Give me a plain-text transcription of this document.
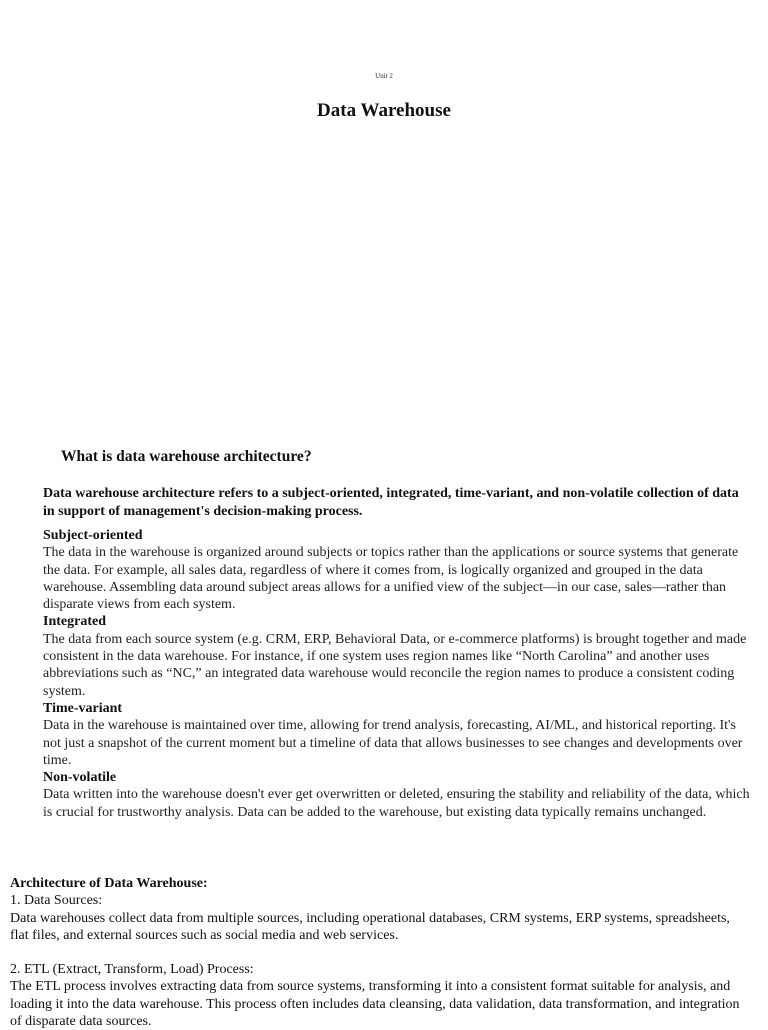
Unit 2
Data Warehouse
What is data warehouse architecture?

Data warehouse architecture refers to a subject-oriented, integrated, time-variant, and non-volatile collection of data in support of management's decision-making process.

Subject-oriented

The data in the warehouse is organized around subjects or topics rather than the applications or source systems that generate the data. For example, all sales data, regardless of where it comes from, is logically organized and grouped in the data warehouse. Assembling data around subject areas allows for a unified view of the subject—in our case, sales—rather than disparate views from each system.

Integrated

The data from each source system (e.g. CRM, ERP, Behavioral Data, or e-commerce platforms) is brought together and made consistent in the data warehouse. For instance, if one system uses region names like “North Carolina” and another uses abbreviations such as “NC,” an integrated data warehouse would reconcile the region names to produce a consistent coding system.

Time-variant

Data in the warehouse is maintained over time, allowing for trend analysis, forecasting, AI/ML, and historical reporting. It's not just a snapshot of the current moment but a timeline of data that allows businesses to see changes and developments over time.

Non-volatile

Data written into the warehouse doesn't ever get overwritten or deleted, ensuring the stability and reliability of the data, which is crucial for trustworthy analysis. Data can be added to the warehouse, but existing data typically remains unchanged.

Architecture of Data Warehouse:

1. Data Sources:

Data warehouses collect data from multiple sources, including operational databases, CRM systems, ERP systems, spreadsheets, flat files, and external sources such as social media and web services.

2. ETL (Extract, Transform, Load) Process:

The ETL process involves extracting data from source systems, transforming it into a consistent format suitable for analysis, and loading it into the data warehouse. This process often includes data cleansing, data validation, data transformation, and integration of disparate data sources.
